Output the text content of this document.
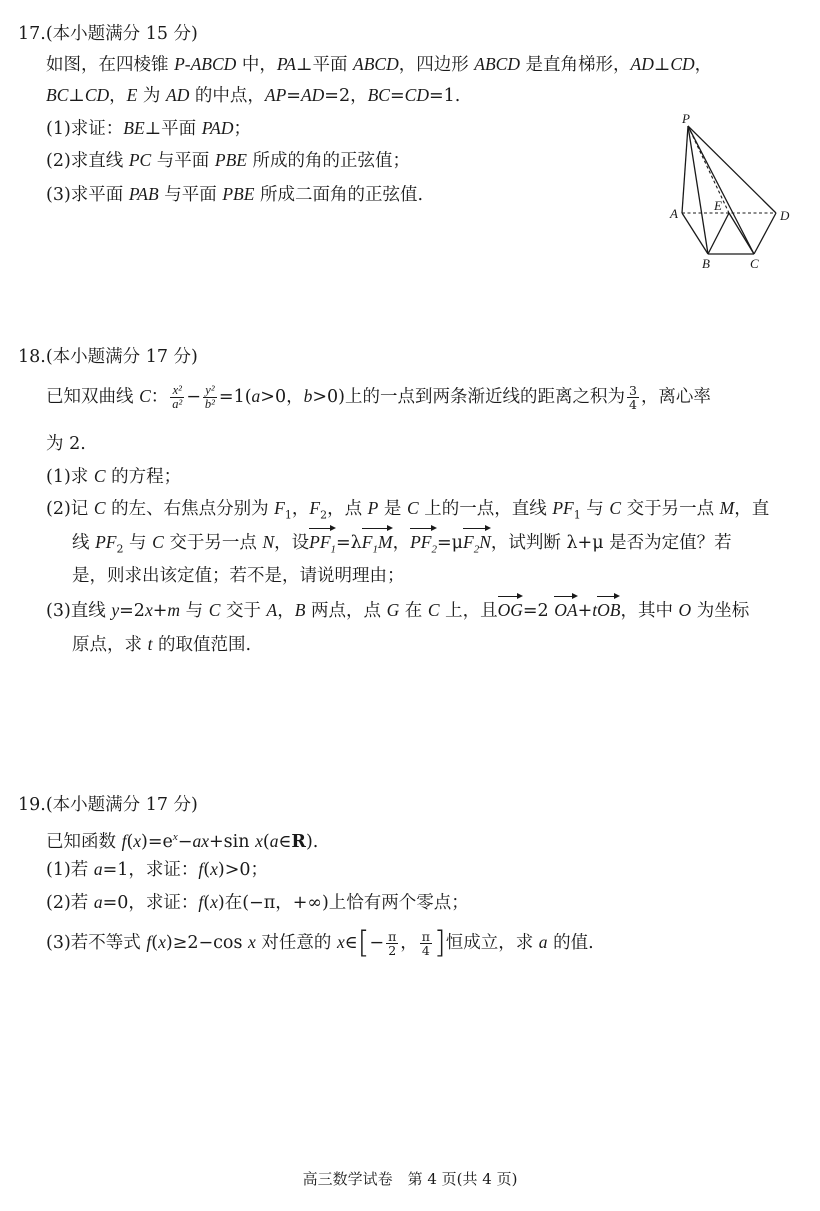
17.(本小题满分 15 分)
如图，在四棱锥 P-ABCD 中，PA⊥平面 ABCD，四边形 ABCD 是直角梯形，AD⊥CD，
BC⊥CD，E 为 AD 的中点，AP=AD=2，BC=CD=1.
(1)求证：BE⊥平面 PAD；
(2)求直线 PC 与平面 PBE 所成的角的正弦值；
(3)求平面 PAB 与平面 PBE 所成二面角的正弦值.
P
A
B	C
D
E
18.(本小题满分 17 分)
已知双曲线 C： $\frac{\text{x²}}{\text{a²}} - \frac{\text{y²}}{\text{b²}} =1(a>0$，b>0)上的一点到两条渐近线的距离之积为 $\frac{3}{4}$ ，离心率
为 2.
(1)求 C 的方程；
(2)记 C 的左、右焦点分别为 $F_1$，$F_2$，点 P 是 C 上的一点，直线 $PF_1$ 与 C 交于另一点 M，直
线 $PF_2$ 与 C 交于另一点 N，设$PF_1=\lambda F_1M$，$PF_2=\mu F_2N$，试判断 λ+μ 是否为定值？若
是，则求出该定值；若不是，请说明理由；
(3)直线 y=2x+m 与 C 交于 A，B 两点，点 G 在 C 上，且OG=2 OA+tOB，其中 O 为坐标
原点，求 t 的取值范围.
19.(本小题满分 17 分)
已知函数 $f(x)=e^x-ax+\sin$ x(a∈R).
(1)若 a=1，求证：f(x)>0；
(2)若 a=0，求证：f(x)在(−π，+∞)上恰有两个零点；
(3)若不等式 f(x)≥2−cos x 对任意的 x∈[− $\frac{\pi}{2}$ ， $\frac{\pi}{4}$ ]恒成立，求 a 的值.
高三数学试卷　第 4 页(共 4 页)
